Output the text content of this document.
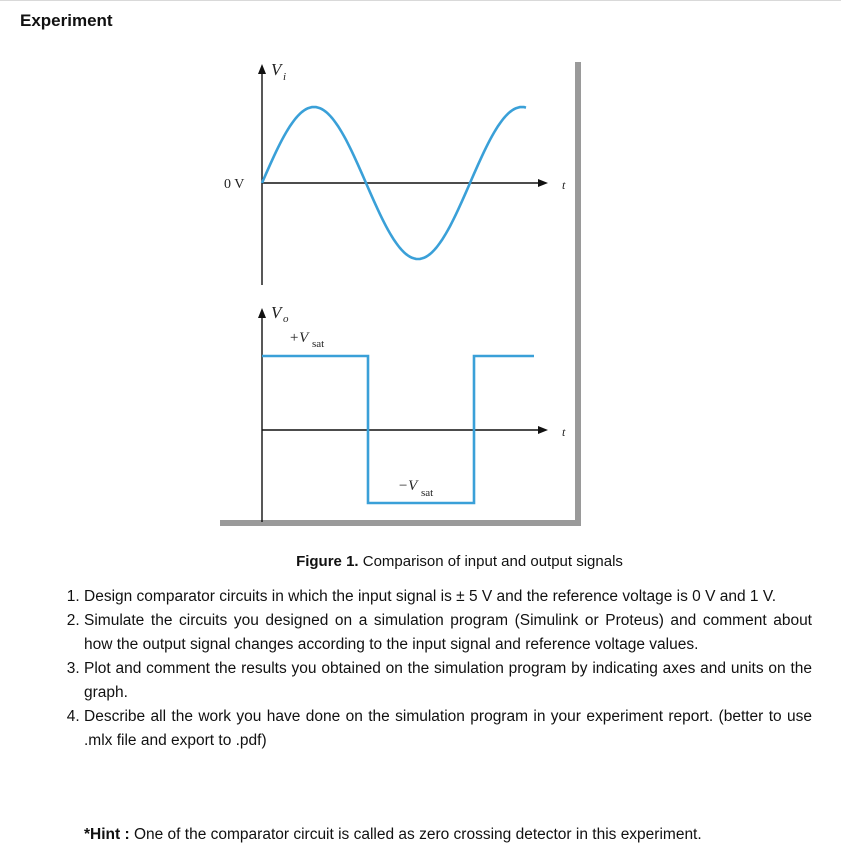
Experiment
V i
0 V	t
V o
+V sat
−V sat
t
Figure 1. Comparison of input and output signals
1. Design comparator circuits in which the input signal is ± 5 V and the reference voltage is 0 V and 1 V.
2. Simulate the circuits you designed on a simulation program (Simulink or Proteus) and comment about how the output signal changes according to the input signal and reference voltage values.
3. Plot and comment the results you obtained on the simulation program by indicating axes and units on the graph.
4. Describe all the work you have done on the simulation program in your experiment report. (better to use .mlx file and export to .pdf)
*Hint : One of the comparator circuit is called as zero crossing detector in this experiment.
